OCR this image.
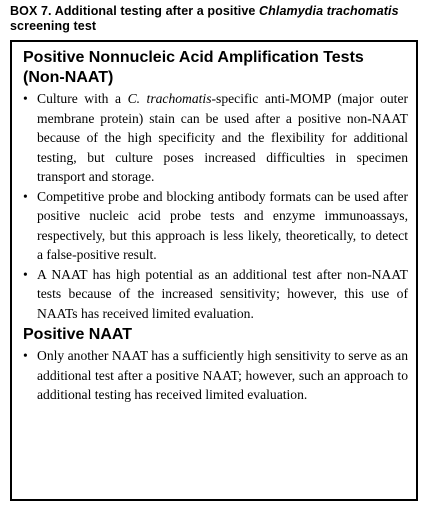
BOX 7. Additional testing after a positive Chlamydia trachomatis screening test
Positive Nonnucleic Acid Amplification Tests (Non-NAAT)
• Culture with a C. trachomatis-specific anti-MOMP (major outer membrane protein) stain can be used after a positive non-NAAT because of the high specificity and the flexibility for additional testing, but culture poses increased difficulties in specimen transport and storage.
• Competitive probe and blocking antibody formats can be used after positive nucleic acid probe tests and enzyme immunoassays, respectively, but this approach is less likely, theoretically, to detect a false-positive result.
• A NAAT has high potential as an additional test after non-NAAT tests because of the increased sensitivity; however, this use of NAATs has received limited evaluation.
Positive NAAT
• Only another NAAT has a sufficiently high sensitivity to serve as an additional test after a positive NAAT; however, such an approach to additional testing has received limited evaluation.
